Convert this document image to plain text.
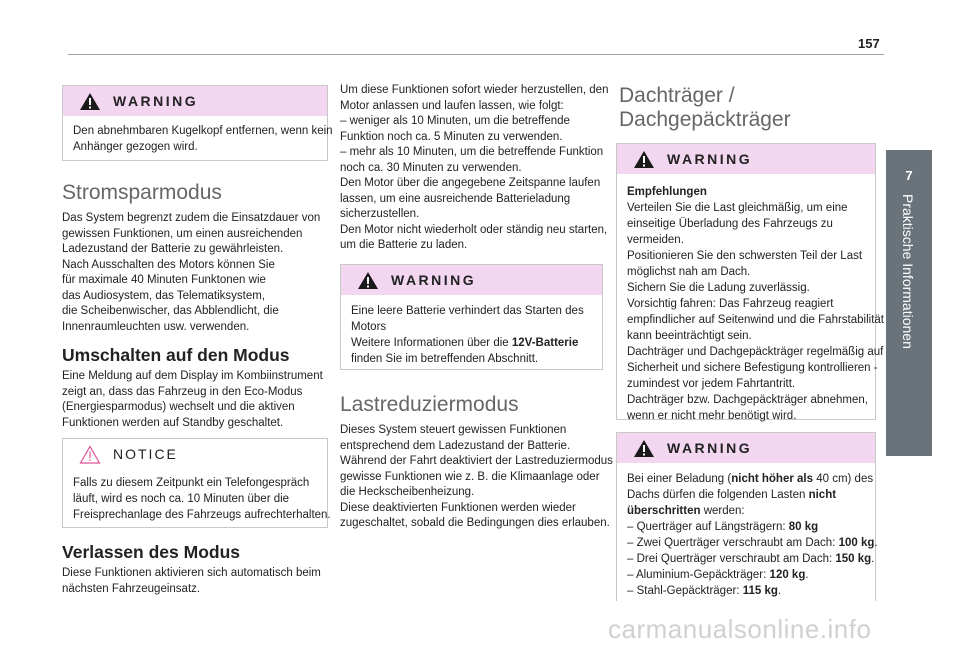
157
WARNING
Den abnehmbaren Kugelkopf entfernen, wenn kein
Anhänger gezogen wird.
Stromsparmodus
Das System begrenzt zudem die Einsatzdauer von
gewissen Funktionen, um einen ausreichenden
Ladezustand der Batterie zu gewährleisten.
Nach Ausschalten des Motors können Sie
für maximale 40 Minuten Funktonen wie
das Audiosystem, das Telematiksystem,
die Scheibenwischer, das Abblendlicht, die
Innenraumleuchten usw. verwenden.
Umschalten auf den Modus
Eine Meldung auf dem Display im Kombiinstrument
zeigt an, dass das Fahrzeug in den Eco-Modus
(Energiesparmodus) wechselt und die aktiven
Funktionen werden auf Standby geschaltet.
NOTICE
Falls zu diesem Zeitpunkt ein Telefongespräch
läuft, wird es noch ca. 10 Minuten über die
Freisprechanlage des Fahrzeugs aufrechterhalten.
Verlassen des Modus
Diese Funktionen aktivieren sich automatisch beim
nächsten Fahrzeugeinsatz.
Um diese Funktionen sofort wieder herzustellen, den
Motor anlassen und laufen lassen, wie folgt:
– weniger als 10 Minuten, um die betreffende
Funktion noch ca. 5 Minuten zu verwenden.
– mehr als 10 Minuten, um die betreffende Funktion
noch ca. 30 Minuten zu verwenden.
Den Motor über die angegebene Zeitspanne laufen
lassen, um eine ausreichende Batterieladung
sicherzustellen.
Den Motor nicht wiederholt oder ständig neu starten,
um die Batterie zu laden.
WARNING
Eine leere Batterie verhindert das Starten des
Motors
Weitere Informationen über die 12V-Batterie
finden Sie im betreffenden Abschnitt.
Lastreduziermodus
Dieses System steuert gewissen Funktionen
entsprechend dem Ladezustand der Batterie.
Während der Fahrt deaktiviert der Lastreduziermodus
gewisse Funktionen wie z. B. die Klimaanlage oder
die Heckscheibenheizung.
Diese deaktivierten Funktionen werden wieder
zugeschaltet, sobald die Bedingungen dies erlauben.
Dachträger /
Dachgepäckträger
WARNING
Empfehlungen
Verteilen Sie die Last gleichmäßig, um eine
einseitige Überladung des Fahrzeugs zu
vermeiden.
Positionieren Sie den schwersten Teil der Last
möglichst nah am Dach.
Sichern Sie die Ladung zuverlässig.
Vorsichtig fahren: Das Fahrzeug reagiert
empfindlicher auf Seitenwind und die Fahrstabilität
kann beeinträchtigt sein.
Dachträger und Dachgepäckträger regelmäßig auf
Sicherheit und sichere Befestigung kontrollieren -
zumindest vor jedem Fahrtantritt.
Dachträger bzw. Dachgepäckträger abnehmen,
wenn er nicht mehr benötigt wird.
WARNING
Bei einer Beladung (nicht höher als 40 cm) des
Dachs dürfen die folgenden Lasten nicht
überschritten werden:
– Querträger auf Längsträgern: 80 kg
– Zwei Querträger verschraubt am Dach: 100 kg.
– Drei Querträger verschraubt am Dach: 150 kg.
– Aluminium-Gepäckträger: 120 kg.
– Stahl-Gepäckträger: 115 kg.
7
Praktische Informationen
carmanualsonline.info
